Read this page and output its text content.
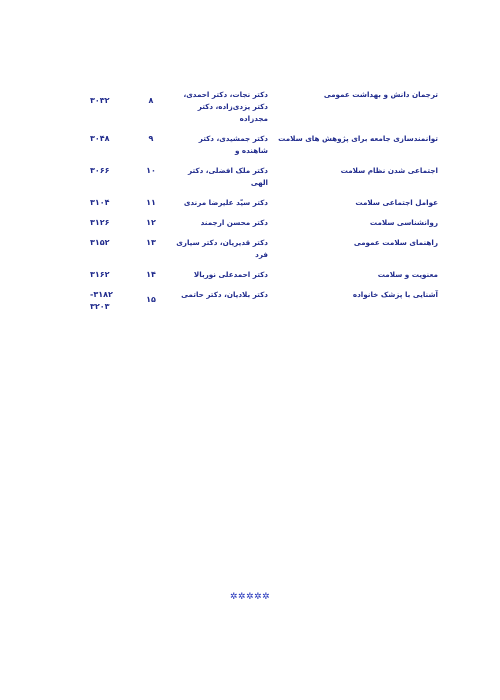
ترجمان دانش و بهداشت عمومی
دکتر نجات، دکتر احمدی، دکتر یزدی‌زاده، دکتر مجدزاده
۸
۳۰۳۲
توانمندسازی جامعه برای پژوهش های سلامت
دکتر جمشیدی، دکتر شاهنده و
۹
۳۰۴۸
اجتماعی شدن نظام سلامت
دکتر ملک افضلی، دکتر الهی
۱۰
۳۰۶۶
عوامل اجتماعی سلامت
دکتر سیّد علیرضا مرندی
۱۱
۳۱۰۴
روانشناسی سلامت
دکتر محسن ارجمند
۱۲
۳۱۲۶
راهنمای سلامت عمومی
دکتر قدیریان، دکتر سیاری فرد
۱۳
۳۱۵۲
معنویت و سلامت
دکتر احمدعلی نوربالا
۱۴
۳۱۶۲
آشنایی با پزشک خانواده
دکتر بلادیان، دکتر حاتمی
۱۵
۳۱۸۲-
۳۲۰۳
✲✲✲✲✲
